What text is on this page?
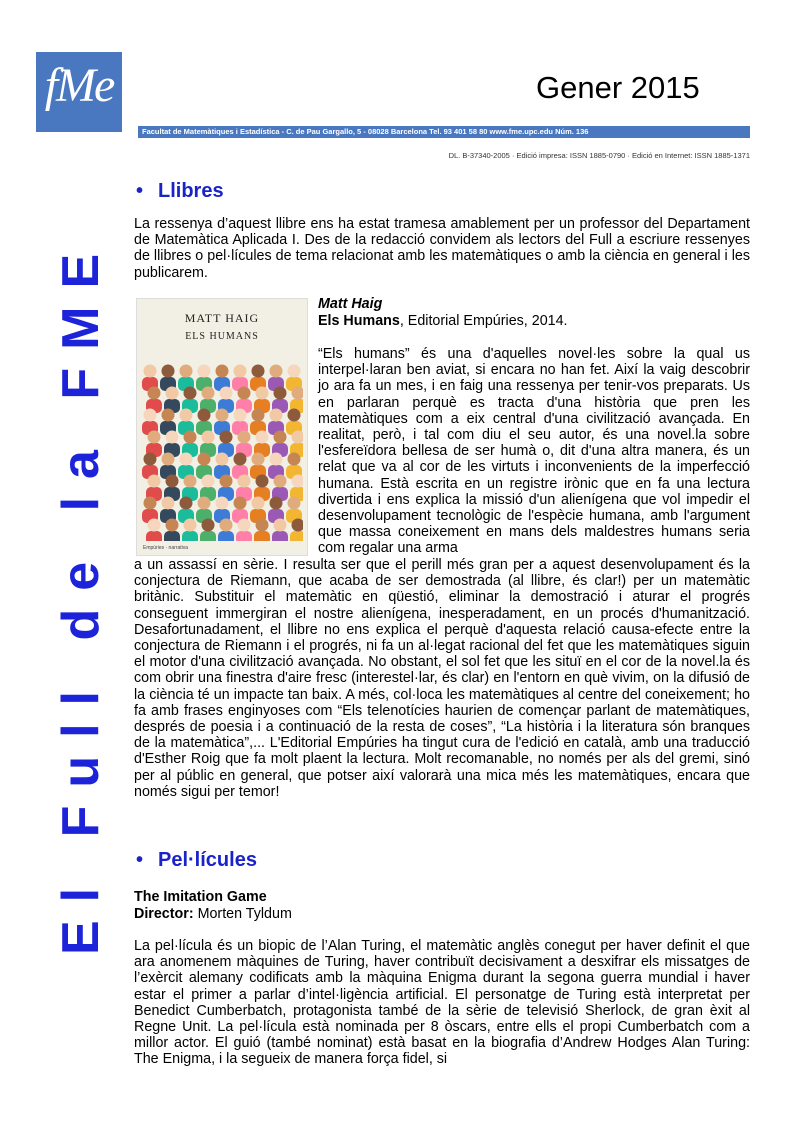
fMe	Gener 2015
Facultat de Matemàtiques i Estadística - C. de Pau Gargallo, 5 - 08028 Barcelona Tel. 93 401 58 80 www.fme.upc.edu Núm. 136
DL. B-37340-2005 · Edició impresa: ISSN 1885-0790 · Edició en Internet: ISSN 1885-1371
El Full de la FME
• Llibres

La ressenya d’aquest llibre ens ha estat tramesa amablement per un professor del Departament de Matemàtica Aplicada I. Des de la redacció convidem als lectors del Full a escriure ressenyes de llibres o pel·lícules de tema relacionat amb les matemàtiques o amb la ciència en general i les publicarem.

MATT HAIG
ELS HUMANS
Empúries · narrativa
Matt Haig
Els Humans, Editorial Empúries, 2014.

“Els humans” és una d'aquelles novel·les sobre la qual us interpel·laran ben aviat, si encara no han fet. Així la vaig descobrir jo ara fa un mes, i en faig una ressenya per tenir-vos preparats. Us en parlaran perquè es tracta d'una història que pren les matemàtiques com a eix central d'una civilització avançada. En realitat, però, i tal com diu el seu autor, és una novel.la sobre l'esfereïdora bellesa de ser humà o, dit d'una altra manera, és un relat que va al cor de les virtuts i inconvenients de la imperfecció humana. Està escrita en un registre irònic que en fa una lectura divertida i ens explica la missió d'un alienígena que vol impedir el desenvolupament tecnològic de l'espècie humana, amb l'argument que massa coneixement en mans dels maldestres humans seria com regalar una arma

a un assassí en sèrie. I resulta ser que el perill més gran per a aquest desenvolupament és la conjectura de Riemann, que acaba de ser demostrada (al llibre, és clar!) per un matemàtic britànic. Substituir el matemàtic en qüestió, eliminar la demostració i aturar el progrés conseguent immergiran el nostre alienígena, inesperadament, en un procés d'humanització. Desafortunadament, el llibre no ens explica el perquè d'aquesta relació causa-efecte entre la conjectura de Riemann i el progrés, ni fa un al·legat racional del fet que les matemàtiques siguin el motor d'una civilització avançada. No obstant, el sol fet que les situï en el cor de la novel.la és com obrir una finestra d'aire fresc (interestel·lar, és clar) en l'entorn en què vivim, on la difusió de la ciència té un impacte tan baix. A més, col·loca les matemàtiques al centre del coneixement; ho fa amb frases enginyoses com “Els telenotícies haurien de començar parlant de matemàtiques, després de poesia i a continuació de la resta de coses”, “La història i la literatura són branques de la matemàtica”,... L'Editorial Empúries ha tingut cura de l'edició en català, amb una traducció d'Esther Roig que fa molt plaent la lectura. Molt recomanable, no només per als del gremi, sinó per al públic en general, que potser així valorarà una mica més les matemàtiques, encara que només sigui per temor!

• Pel·lícules
The Imitation Game
Director: Morten Tyldum

La pel·lícula és un biopic de l’Alan Turing, el matemàtic anglès conegut per haver definit el que ara anomenem màquines de Turing, haver contribuït decisivament a desxifrar els missatges de l’exèrcit alemany codificats amb la màquina Enigma durant la segona guerra mundial i haver estar el primer a parlar d’intel·ligència artificial. El personatge de Turing està interpretat per Benedict Cumberbatch, protagonista també de la sèrie de televisió Sherlock, de gran èxit al Regne Unit. La pel·lícula està nominada per 8 òscars, entre ells el propi Cumberbatch com a millor actor. El guió (també nominat) està basat en la biografia d’Andrew Hodges Alan Turing: The Enigma, i la segueix de manera força fidel, si
